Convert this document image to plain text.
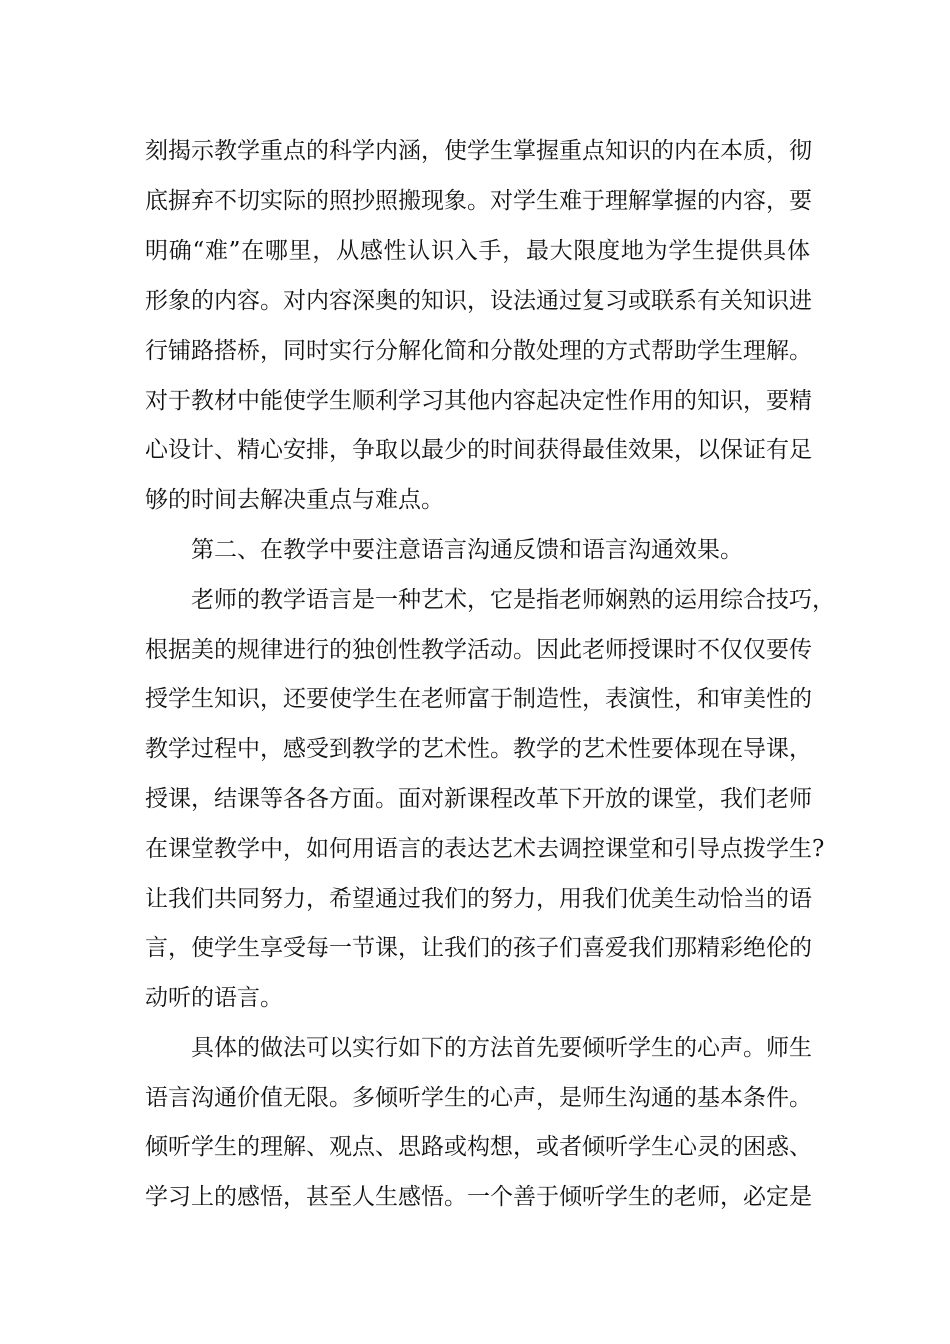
刻揭示教学重点的科学内涵，使学生掌握重点知识的内在本质，彻

底摒弃不切实际的照抄照搬现象。对学生难于理解掌握的内容，要

明确“难”在哪里，从感性认识入手，最大限度地为学生提供具体

形象的内容。对内容深奥的知识，设法通过复习或联系有关知识进

行铺路搭桥，同时实行分解化简和分散处理的方式帮助学生理解。

对于教材中能使学生顺利学习其他内容起决定性作用的知识，要精

心设计、精心安排，争取以最少的时间获得最佳效果，以保证有足

够的时间去解决重点与难点。

第二、在教学中要注意语言沟通反馈和语言沟通效果。

老师的教学语言是一种艺术，它是指老师娴熟的运用综合技巧，

根据美的规律进行的独创性教学活动。因此老师授课时不仅仅要传

授学生知识，还要使学生在老师富于制造性，表演性，和审美性的

教学过程中，感受到教学的艺术性。教学的艺术性要体现在导课，

授课，结课等各各方面。面对新课程改革下开放的课堂，我们老师

在课堂教学中，如何用语言的表达艺术去调控课堂和引导点拨学生?

让我们共同努力，希望通过我们的努力，用我们优美生动恰当的语

言，使学生享受每一节课，让我们的孩子们喜爱我们那精彩绝伦的

动听的语言。

具体的做法可以实行如下的方法首先要倾听学生的心声。师生

语言沟通价值无限。多倾听学生的心声，是师生沟通的基本条件。

倾听学生的理解、观点、思路或构想，或者倾听学生心灵的困惑、

学习上的感悟，甚至人生感悟。一个善于倾听学生的老师，必定是
